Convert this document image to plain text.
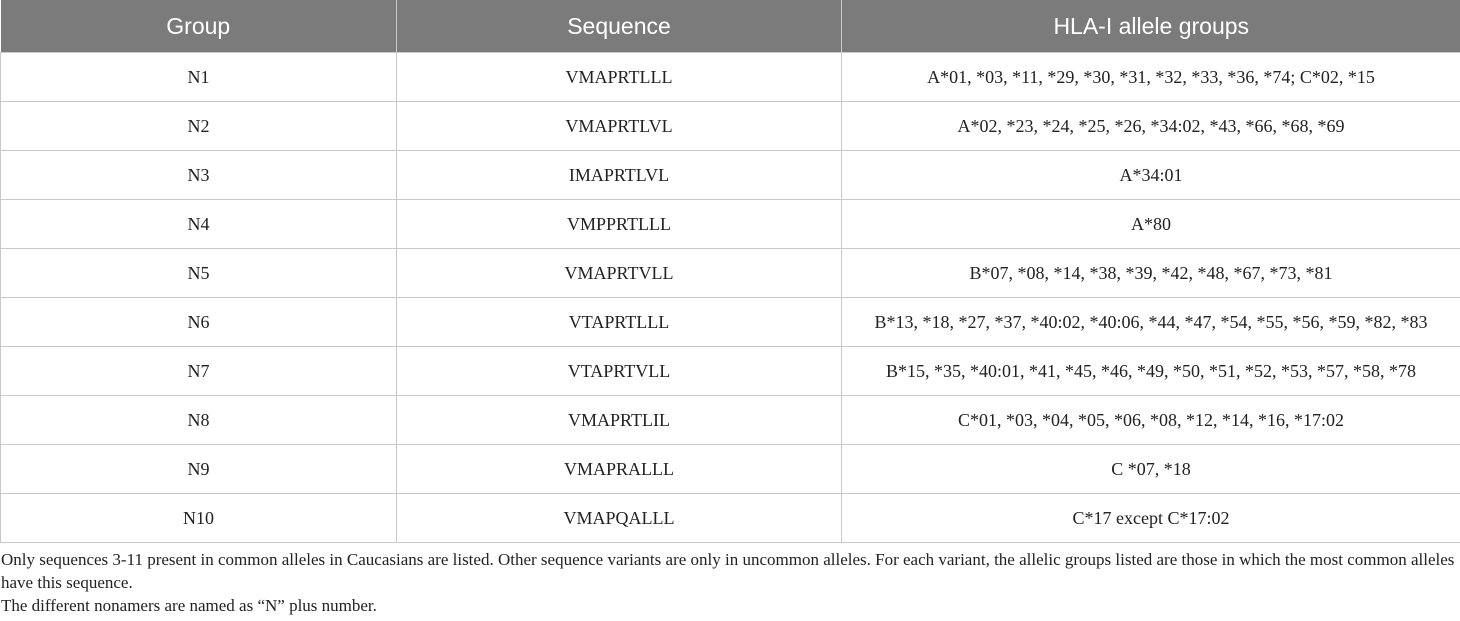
Group	Sequence	HLA-I allele groups
N1	VMAPRTLLL	A*01, *03, *11, *29, *30, *31, *32, *33, *36, *74; C*02, *15
N2	VMAPRTLVL	A*02, *23, *24, *25, *26, *34:02, *43, *66, *68, *69
N3	IMAPRTLVL	A*34:01
N4	VMPPRTLLL	A*80
N5	VMAPRTVLL	B*07, *08, *14, *38, *39, *42, *48, *67, *73, *81
N6	VTAPRTLLL	B*13, *18, *27, *37, *40:02, *40:06, *44, *47, *54, *55, *56, *59, *82, *83
N7	VTAPRTVLL	B*15, *35, *40:01, *41, *45, *46, *49, *50, *51, *52, *53, *57, *58, *78
N8	VMAPRTLIL	C*01, *03, *04, *05, *06, *08, *12, *14, *16, *17:02
N9	VMAPRALLL	C *07, *18
N10	VMAPQALLL	C*17 except C*17:02

Only sequences 3-11 present in common alleles in Caucasians are listed. Other sequence variants are only in uncommon alleles. For each variant, the allelic groups listed are those in which the most common alleles have this sequence.

The different nonamers are named as “N” plus number.
